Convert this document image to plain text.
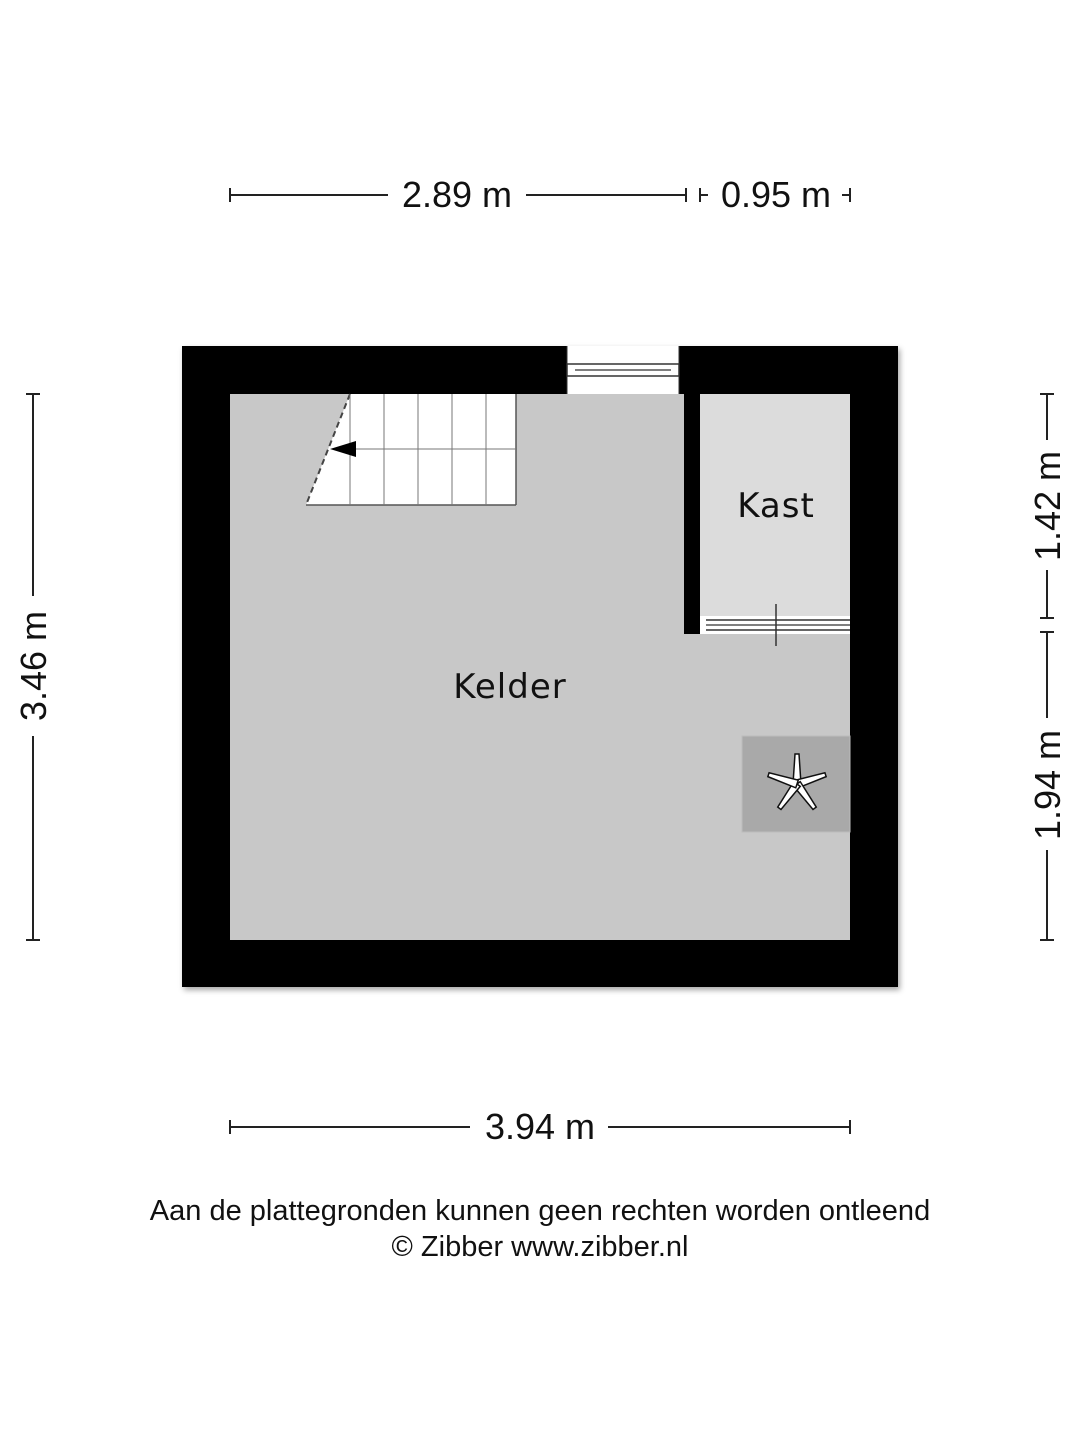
2.89 m	0.95 m
3.46 m
1.42 m
1.94 m
Kelder
Kast
3.94 m
Aan de plattegronden kunnen geen rechten worden ontleend
© Zibber www.zibber.nl
